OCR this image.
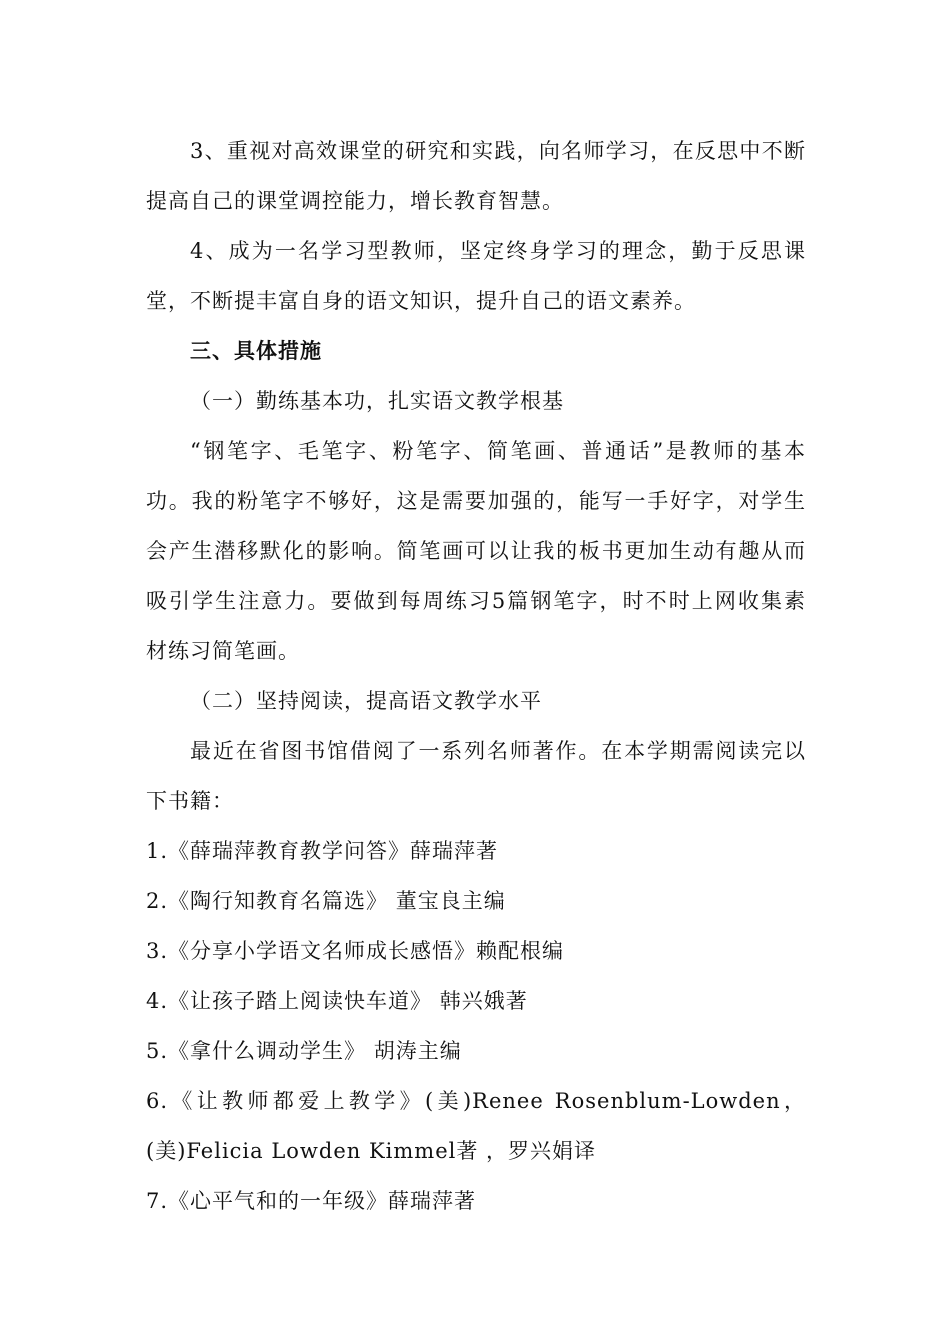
3、重视对高效课堂的研究和实践，向名师学习，在反思中不断
提高自己的课堂调控能力，增长教育智慧。
4、成为一名学习型教师，坚定终身学习的理念，勤于反思课
堂，不断提丰富自身的语文知识，提升自己的语文素养。
三、具体措施
（一）勤练基本功，扎实语文教学根基
“钢笔字、毛笔字、粉笔字、简笔画、普通话”是教师的基本
功。我的粉笔字不够好，这是需要加强的，能写一手好字，对学生
会产生潜移默化的影响。简笔画可以让我的板书更加生动有趣从而
吸引学生注意力。要做到每周练习5篇钢笔字，时不时上网收集素
材练习简笔画。
（二）坚持阅读，提高语文教学水平
最近在省图书馆借阅了一系列名师著作。在本学期需阅读完以
下书籍：
1.《薛瑞萍教育教学问答》薛瑞萍著
2.《陶行知教育名篇选》 董宝良主编
3.《分享小学语文名师成长感悟》赖配根编
4.《让孩子踏上阅读快车道》 韩兴娥著
5.《拿什么调动学生》 胡涛主编
6.《让教师都爱上教学》(美)Renee Rosenblum-Lowden，
(美)Felicia Lowden Kimmel著 ，罗兴娟译
7.《心平气和的一年级》薛瑞萍著
